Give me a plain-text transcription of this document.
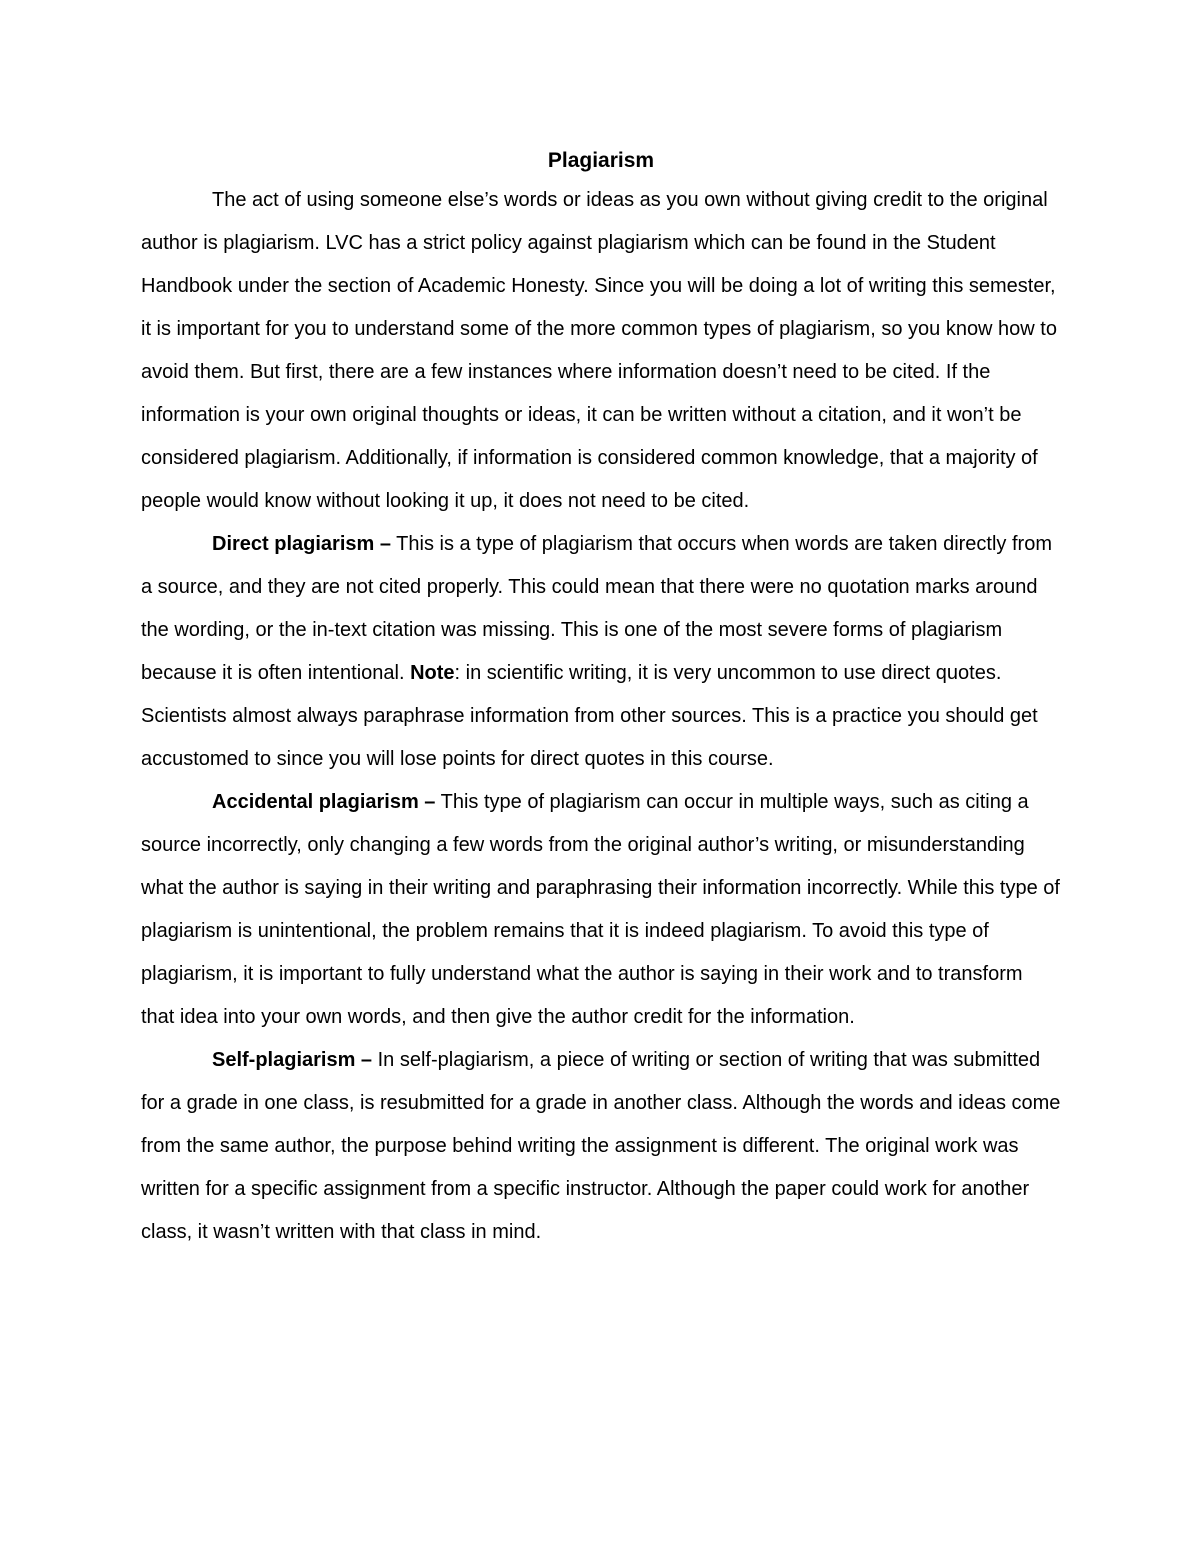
Plagiarism

The act of using someone else’s words or ideas as you own without giving credit to the original author is plagiarism. LVC has a strict policy against plagiarism which can be found in the Student Handbook under the section of Academic Honesty. Since you will be doing a lot of writing this semester, it is important for you to understand some of the more common types of plagiarism, so you know how to avoid them. But first, there are a few instances where information doesn’t need to be cited. If the information is your own original thoughts or ideas, it can be written without a citation, and it won’t be considered plagiarism. Additionally, if information is considered common knowledge, that a majority of people would know without looking it up, it does not need to be cited.

Direct plagiarism – This is a type of plagiarism that occurs when words are taken directly from a source, and they are not cited properly. This could mean that there were no quotation marks around the wording, or the in-text citation was missing. This is one of the most severe forms of plagiarism because it is often intentional. Note: in scientific writing, it is very uncommon to use direct quotes. Scientists almost always paraphrase information from other sources. This is a practice you should get accustomed to since you will lose points for direct quotes in this course.

Accidental plagiarism – This type of plagiarism can occur in multiple ways, such as citing a source incorrectly, only changing a few words from the original author’s writing, or misunderstanding what the author is saying in their writing and paraphrasing their information incorrectly. While this type of plagiarism is unintentional, the problem remains that it is indeed plagiarism. To avoid this type of plagiarism, it is important to fully understand what the author is saying in their work and to transform that idea into your own words, and then give the author credit for the information.

Self-plagiarism – In self-plagiarism, a piece of writing or section of writing that was submitted for a grade in one class, is resubmitted for a grade in another class. Although the words and ideas come from the same author, the purpose behind writing the assignment is different. The original work was written for a specific assignment from a specific instructor. Although the paper could work for another class, it wasn’t written with that class in mind.
